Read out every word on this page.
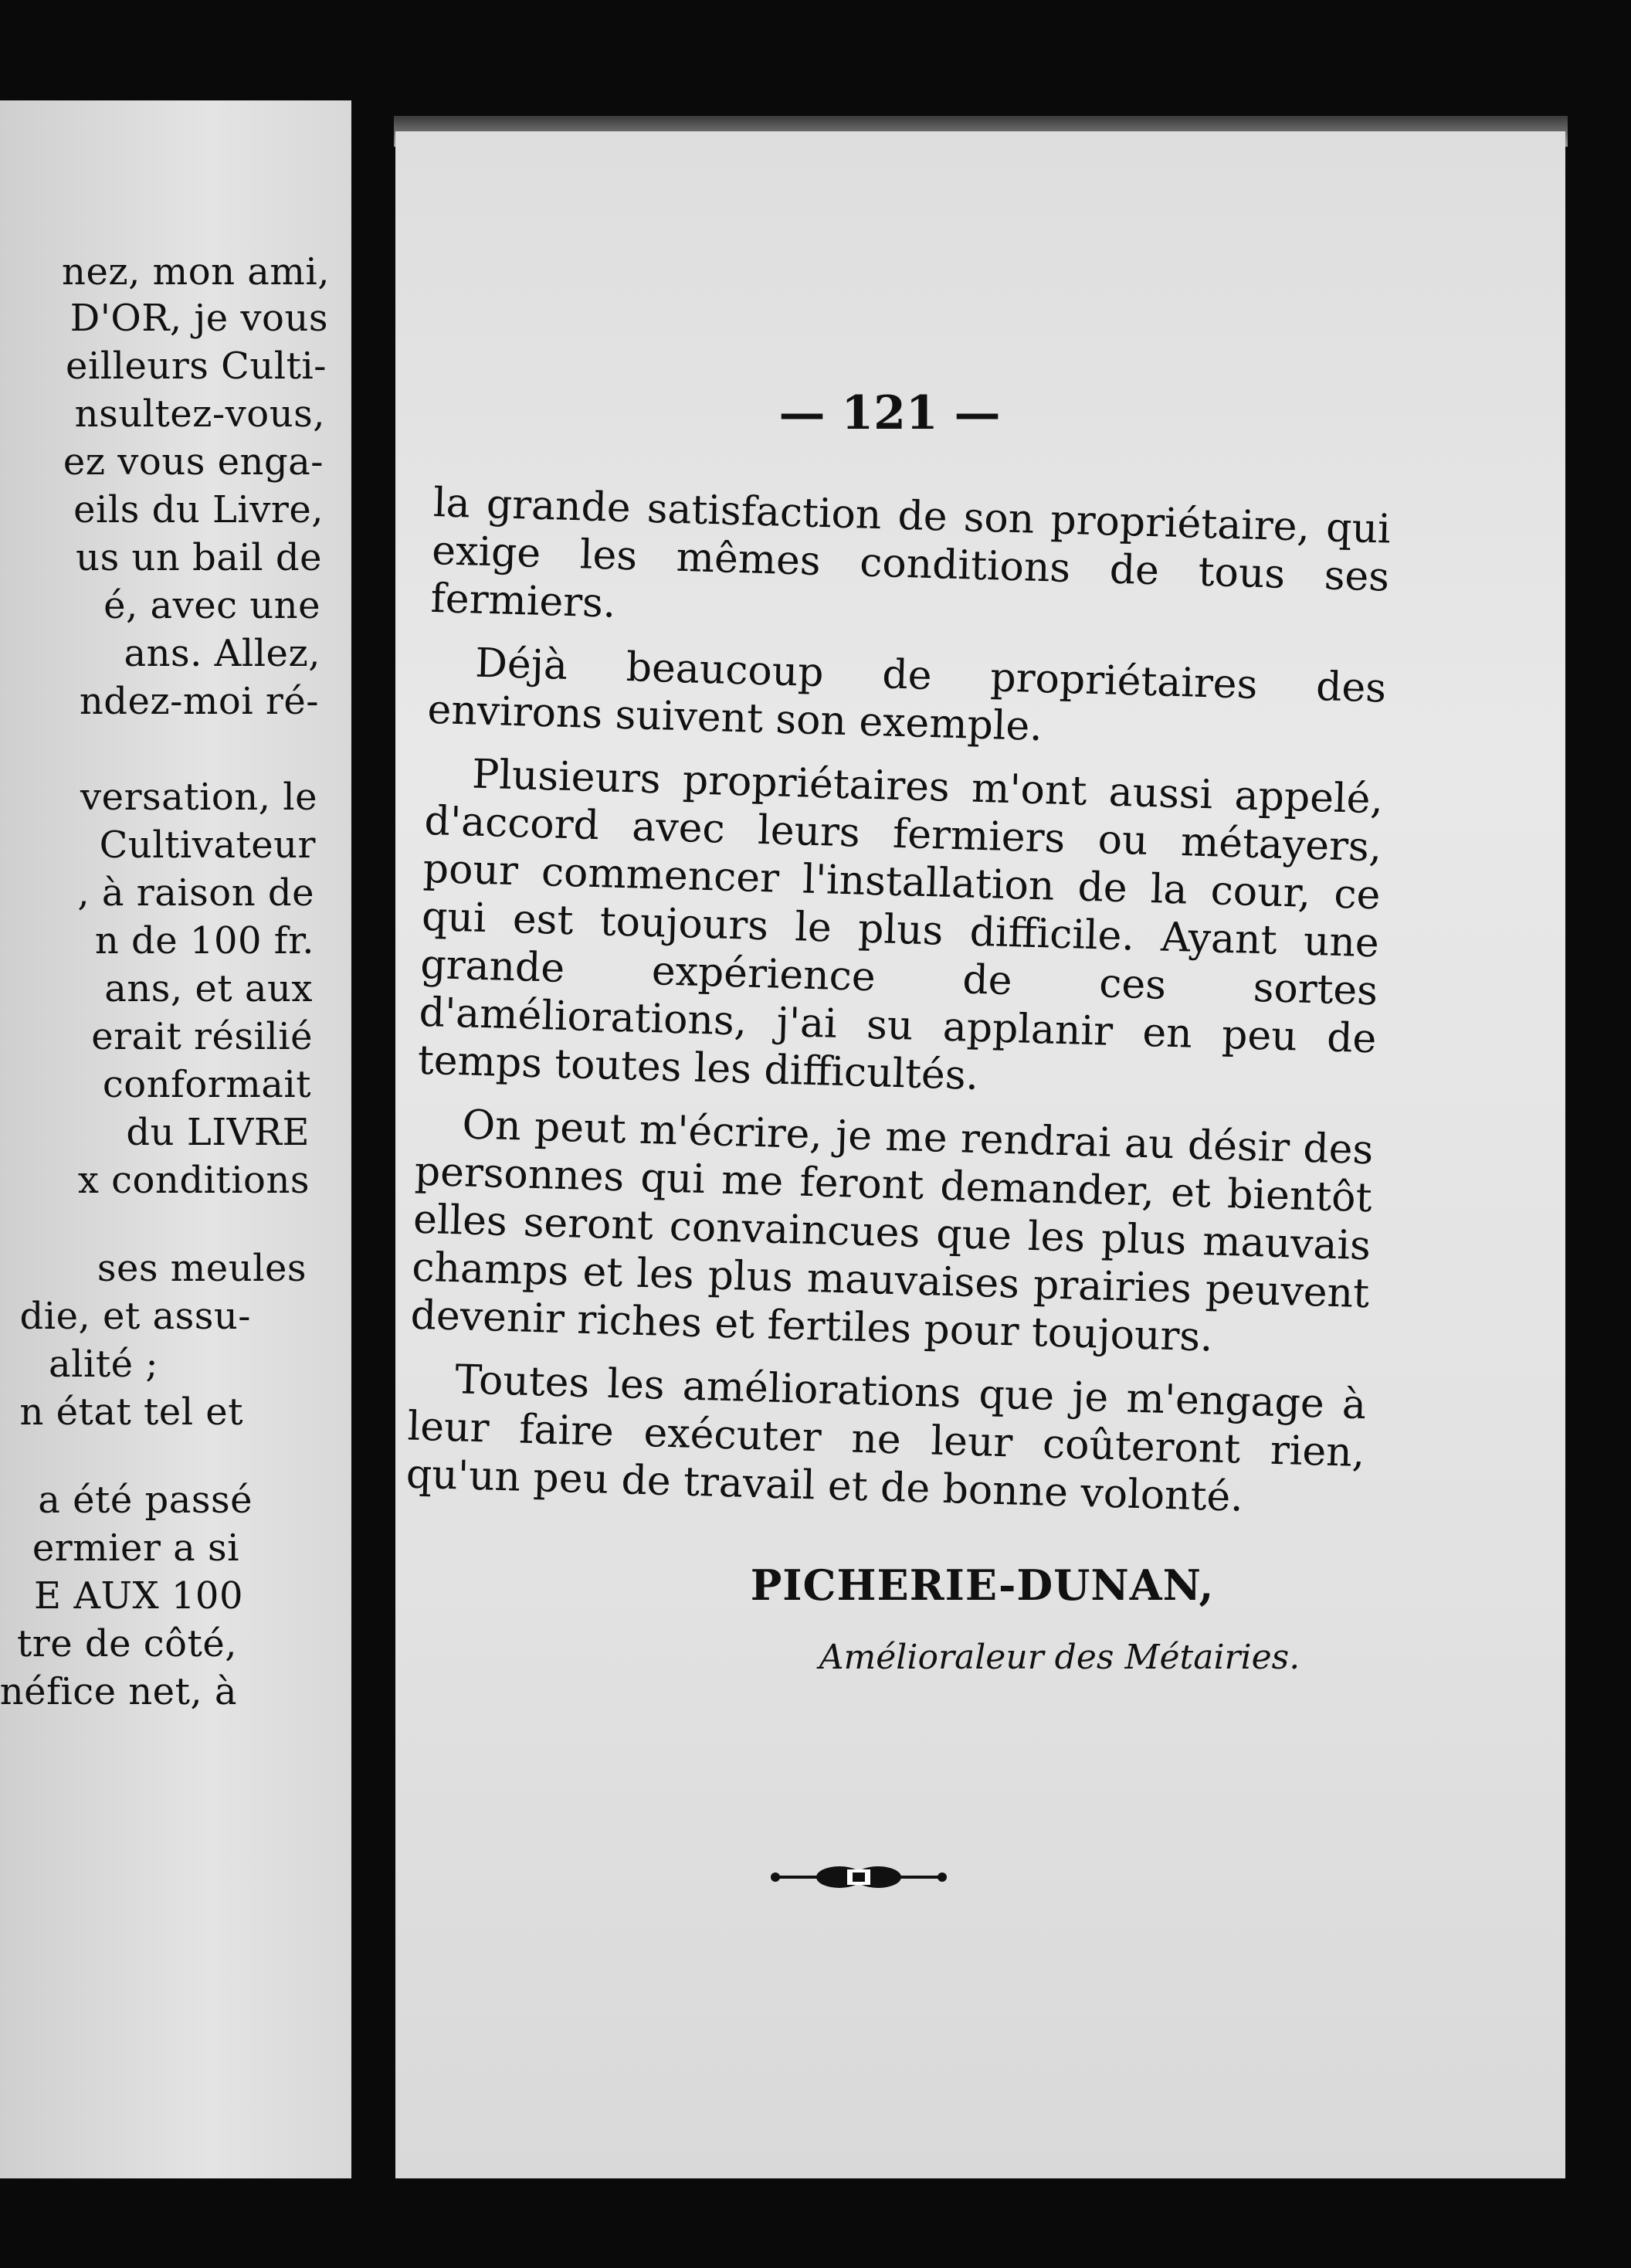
nez, mon ami,

D'OR, je vous

eilleurs Culti-

nsultez-vous,

ez vous enga-

eils du Livre,

us un bail de

é, avec une

ans. Allez,

ndez-moi ré-

versation, le

Cultivateur

, à raison de

n de 100 fr.

ans, et aux

erait résilié

conformait

du LIVRE

x conditions

ses meules

die, et assu-

alité ;

n état tel et

a été passé

ermier a si

E AUX 100

tre de côté,

néfice net, à

— 121 —

la grande satisfaction de son propriétaire, qui exige les mêmes conditions de tous ses fermiers.

Déjà beaucoup de propriétaires des environs suivent son exemple.

Plusieurs propriétaires m'ont aussi appelé, d'accord avec leurs fermiers ou métayers, pour commencer l'installation de la cour, ce qui est toujours le plus difficile. Ayant une grande expérience de ces sortes d'améliorations, j'ai su applanir en peu de temps toutes les difficultés.

On peut m'écrire, je me rendrai au désir des personnes qui me feront demander, et bientôt elles seront convaincues que les plus mauvais champs et les plus mauvaises prairies peuvent devenir riches et fertiles pour toujours.

Toutes les améliorations que je m'engage à leur faire exécuter ne leur coûteront rien, qu'un peu de travail et de bonne volonté.

PICHERIE-DUNAN,
Amélioraleur des Métairies.
